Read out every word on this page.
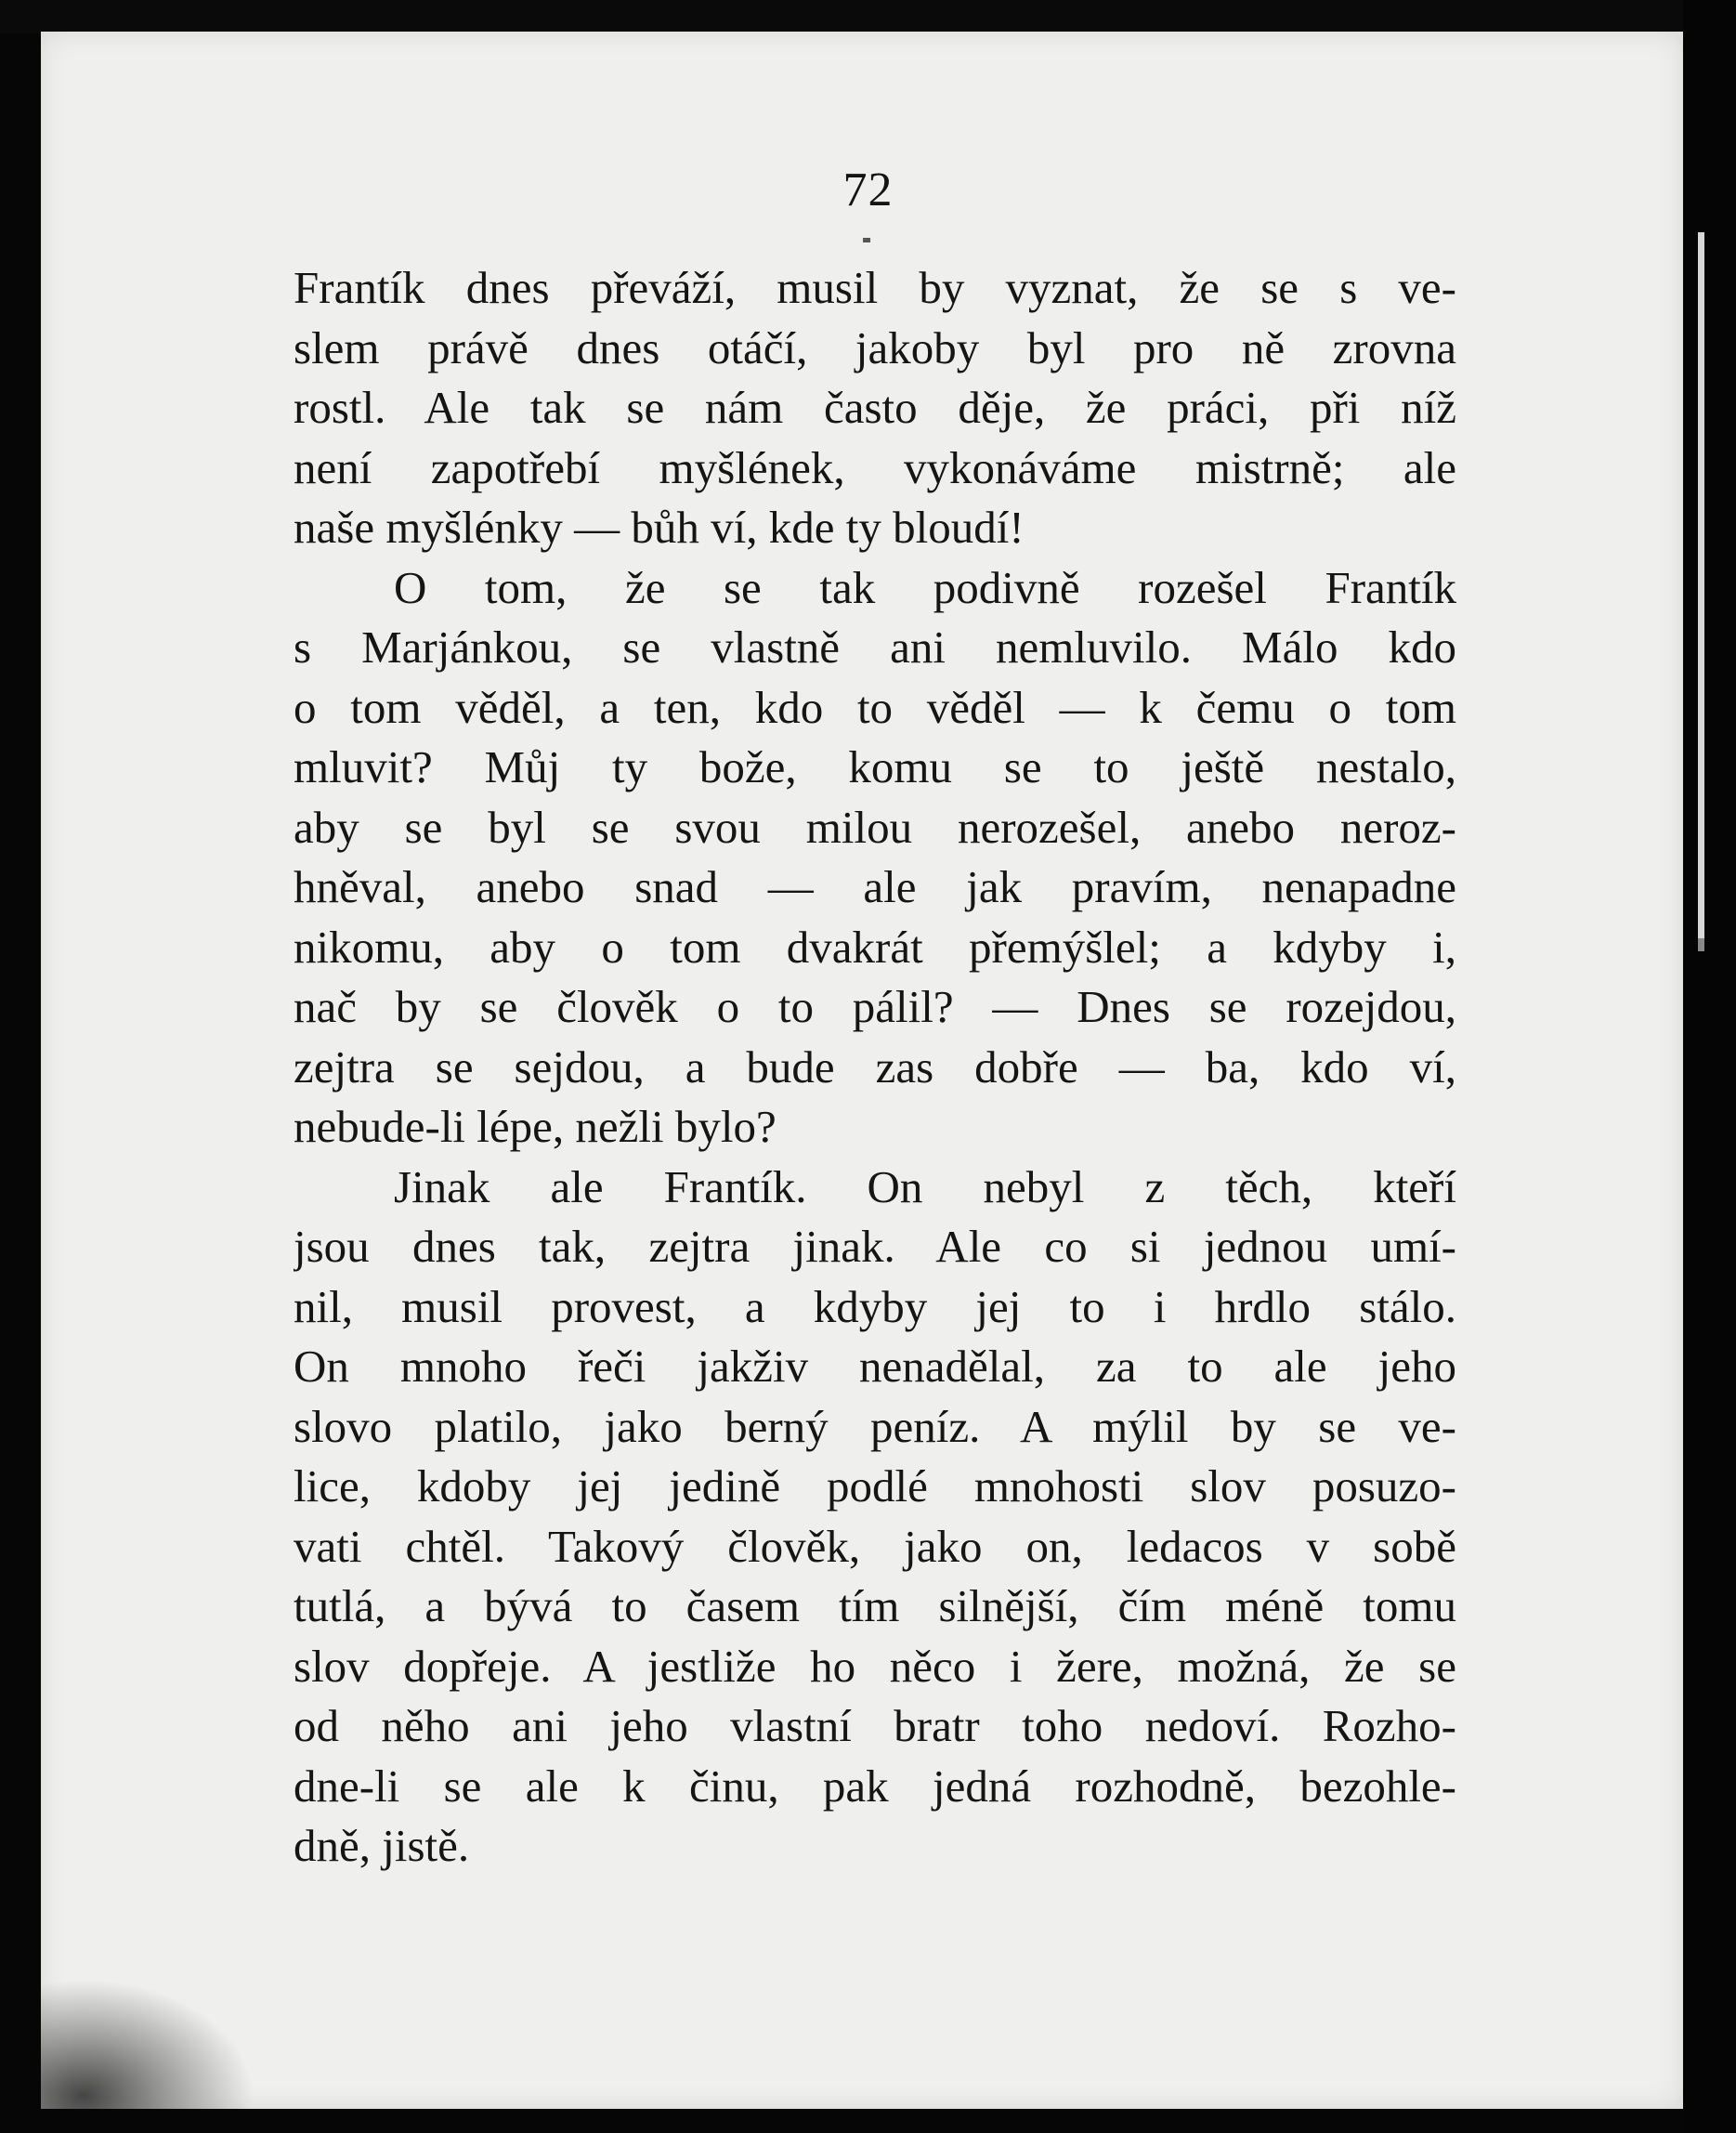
72
Frantík dnes převáží, musil by vyznat, že se s ve-
slem právě dnes otáčí, jakoby byl pro ně zrovna
rostl. Ale tak se nám často děje, že práci, při níž
není zapotřebí myšlének, vykonáváme mistrně; ale
naše myšlénky — bůh ví, kde ty bloudí!
O tom, že se tak podivně rozešel Frantík
s Marjánkou, se vlastně ani nemluvilo. Málo kdo
o tom věděl, a ten, kdo to věděl — k čemu o tom
mluvit? Můj ty bože, komu se to ještě nestalo,
aby se byl se svou milou nerozešel, anebo neroz-
hněval, anebo snad — ale jak pravím, nenapadne
nikomu, aby o tom dvakrát přemýšlel; a kdyby i,
nač by se člověk o to pálil? — Dnes se rozejdou,
zejtra se sejdou, a bude zas dobře — ba, kdo ví,
nebude-li lépe, nežli bylo?
Jinak ale Frantík. On nebyl z těch, kteří
jsou dnes tak, zejtra jinak. Ale co si jednou umí-
nil, musil provest, a kdyby jej to i hrdlo stálo.
On mnoho řeči jakživ nenadělal, za to ale jeho
slovo platilo, jako berný peníz. A mýlil by se ve-
lice, kdoby jej jedině podlé mnohosti slov posuzo-
vati chtěl. Takový člověk, jako on, ledacos v sobě
tutlá, a bývá to časem tím silnější, čím méně tomu
slov dopřeje. A jestliže ho něco i žere, možná, že se
od něho ani jeho vlastní bratr toho nedoví. Rozho-
dne-li se ale k činu, pak jedná rozhodně, bezohle-
dně, jistě.
